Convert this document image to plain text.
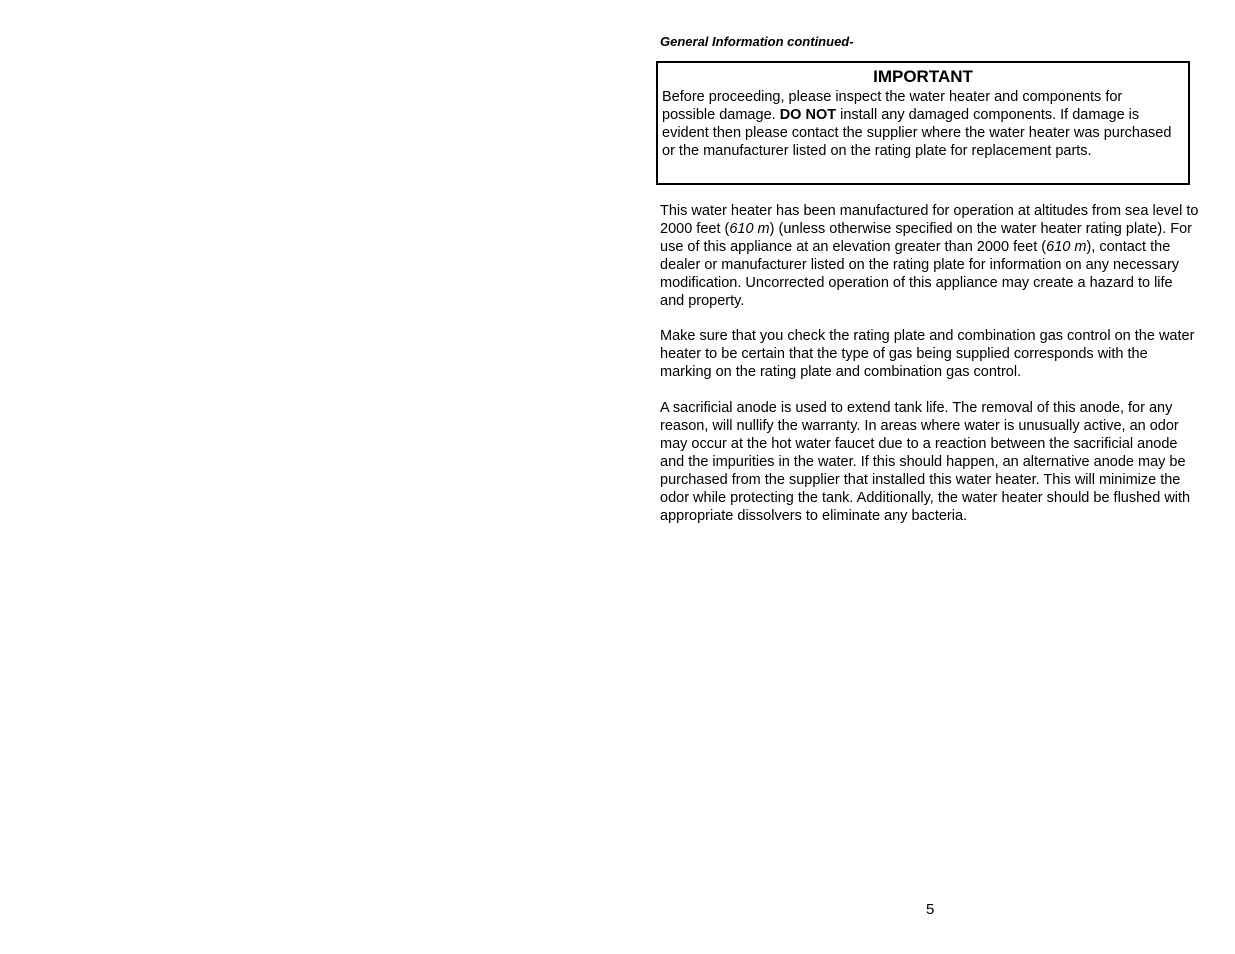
General Information continued-

IMPORTANT
Before proceeding, please inspect the water heater and components for possible damage. DO NOT install any damaged components. If damage is evident then please contact the supplier where the water heater was purchased or the manufacturer listed on the rating plate for replacement parts.

This water heater has been manufactured for operation at altitudes from sea level to 2000 feet (610 m) (unless otherwise specified on the water heater rating plate). For use of this appliance at an elevation greater than 2000 feet (610 m), contact the dealer or manufacturer listed on the rating plate for information on any necessary modification. Uncorrected operation of this appliance may create a hazard to life and property.

Make sure that you check the rating plate and combination gas control on the water heater to be certain that the type of gas being supplied corresponds with the marking on the rating plate and combination gas control.

A sacrificial anode is used to extend tank life. The removal of this anode, for any reason, will nullify the warranty. In areas where water is unusually active, an odor may occur at the hot water faucet due to a reaction between the sacrificial anode and the impurities in the water. If this should happen, an alternative anode may be purchased from the supplier that installed this water heater. This will minimize the odor while protecting the tank. Additionally, the water heater should be flushed with appropriate dissolvers to eliminate any bacteria.

5
